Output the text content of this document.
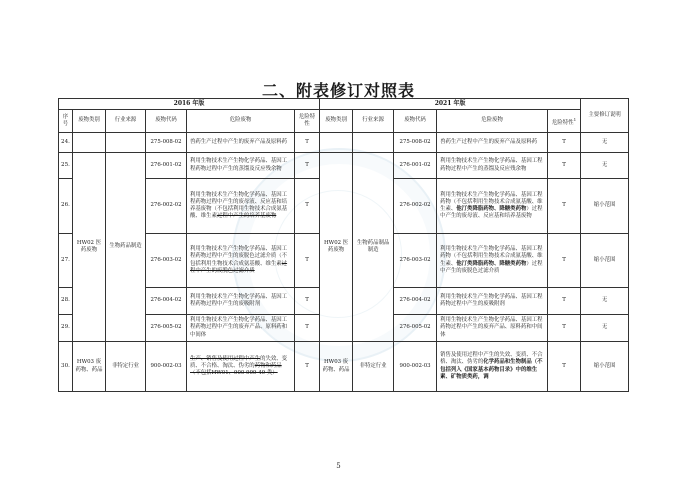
二、附表修订对照表
2016 年版						2021 年版					主要修订说明
序号	废物类别	行业来源	废物代码	危险废物	危险特性	废物类别	行业来源	废物代码	危险废物	危险特性$^1$
24.			275-008-02	兽药生产过程中产生的废弃产品及原料药	T			275-008-02	兽药生产过程中产生的废弃产品及原料药	T	无
25.	HW02 医药废物	生物药品制造	276-001-02	利用生物技术生产生物化学药品、基因工程药物过程中产生的蒸馏及反应残余物	T	HW02 医药废物	生物药品制品制造	276-001-02	利用生物技术生产生物化学药品、基因工程药物过程中产生的蒸馏及反应残余物	T	无
26.			276-002-02	利用生物技术生产生物化学药品、基因工程药物过程中产生的废母液、反应基和培养基废物（不包括利用生物技术合成氨基酸、维生素过程中产生的培养基废物	T			276-002-02	利用生物技术生产生物化学药品、基因工程药物（不包括利用生物技术合成氨基酸、维生素、他汀类降脂药物、降糖类药物）过程中产生的废母液、反应基和培养基废物	T	缩小范围
27.			276-003-02	利用生物技术生产生物化学药品、基因工程药物过程中产生的废脱色过滤介质（不包括利用生物技术合成氨基酸、维生素过程中产生的废脱色过滤介质	T			276-003-02	利用生物技术生产生物化学药品、基因工程药物（不包括利用生物技术合成氨基酸、维生素、他汀类降脂药物、降糖类药物）过程中产生的废脱色过滤介质	T	缩小范围
28.			276-004-02	利用生物技术生产生物化学药品、基因工程药物过程中产生的废吸附剂	T			276-004-02	利用生物技术生产生物化学药品、基因工程药物过程中产生的废吸附剂	T	无
29.			276-005-02	利用生物技术生产生物化学药品、基因工程药物过程中产生的废弃产品、原料药和中间体	T			276-005-02	利用生物技术生产生物化学药品、基因工程药物过程中产生的废弃产品、原料药和中间体	T	无
30.	HW03 废药物、药品	非特定行业	900-002-03	生产、销售及使用过程中产生的失效、变质、不合格、淘汰、伪劣的药物和药品（不包括HW01、900-999-49 类）	T	HW03 废药物、药品	非特定行业	900-002-03	销售及使用过程中产生的失效、变质、不合格、淘汰、伪劣的化学药品和生物制品（不包括列入《国家基本药物目录》中的维生素、矿物质类药，调	T	缩小范围
5
